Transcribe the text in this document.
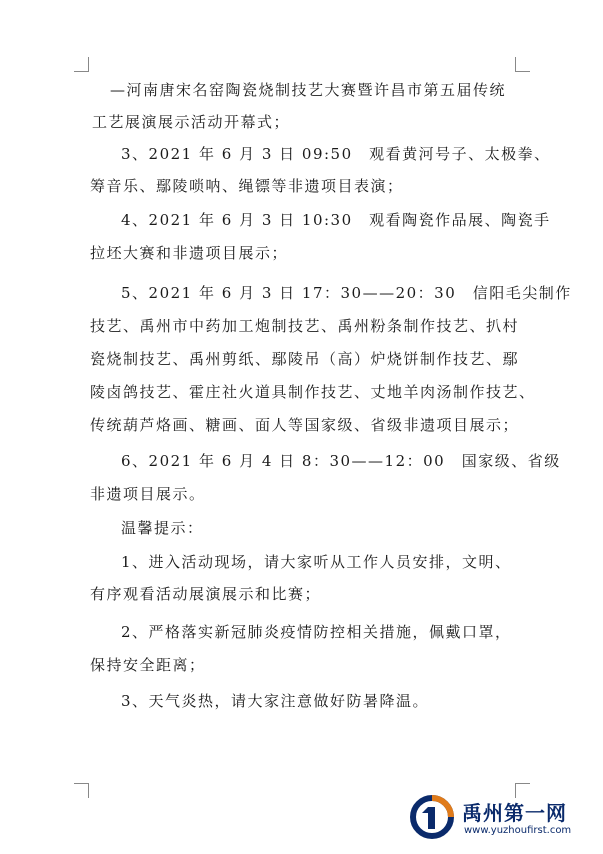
—河南唐宋名窑陶瓷烧制技艺大赛暨许昌市第五届传统
工艺展演展示活动开幕式；
3、2021 年 6 月 3 日 09:50　观看黄河号子、太极拳、
筹音乐、鄢陵唢呐、绳镖等非遗项目表演；
4、2021 年 6 月 3 日 10:30　观看陶瓷作品展、陶瓷手
拉坯大赛和非遗项目展示；
5、2021 年 6 月 3 日 17：30——20：30　信阳毛尖制作
技艺、禹州市中药加工炮制技艺、禹州粉条制作技艺、扒村
瓷烧制技艺、禹州剪纸、鄢陵吊（高）炉烧饼制作技艺、鄢
陵卤鸽技艺、霍庄社火道具制作技艺、丈地羊肉汤制作技艺、
传统葫芦烙画、糖画、面人等国家级、省级非遗项目展示；
6、2021 年 6 月 4 日 8：30——12：00　国家级、省级
非遗项目展示。
温馨提示：
1、进入活动现场，请大家听从工作人员安排，文明、
有序观看活动展演展示和比赛；
2、严格落实新冠肺炎疫情防控相关措施，佩戴口罩，
保持安全距离；
3、天气炎热，请大家注意做好防暑降温。
禹州第一网
www.yuzhoufirst.com
